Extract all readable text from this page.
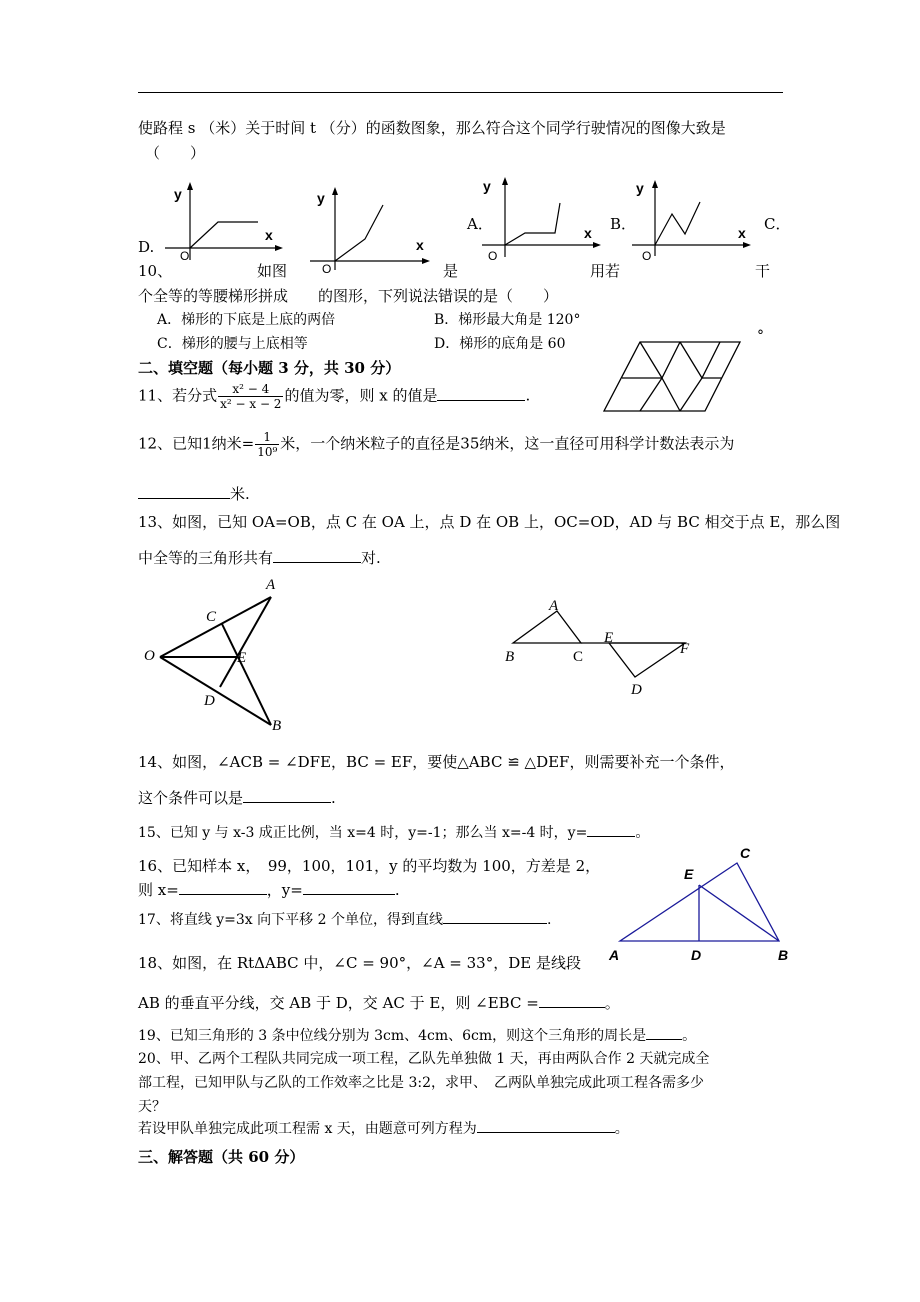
使路程 s （米）关于时间 t （分）的函数图象，那么符合这个同学行驶情况的图像大致是
（　　）
y
x
O
D.
y
x
O
A．
y
x
O
B．
y
x
O
C．
10、	如图	是	用若	干
个全等的等腰梯形拼成　　的图形，下列说法错误的是（　　）
A．梯形的下底是上底的两倍	B．梯形最大角是 120°
C．梯形的腰与上底相等	D．梯形的底角是 60	°
二、填空题（每小题 3 分，共 30 分）
11、若分式 $\frac{\text{x² − 4}}{\text{x² − x − 2}}$ 的值为零，则 x 的值是	.
12、已知1纳米= $\frac{1}{\text{10⁹}}$ 米，一个纳米粒子的直径是35纳米，这一直径可用科学计数法表示为
米.
13、如图，已知 OA=OB，点 C 在 OA 上，点 D 在 OB 上，OC=OD，AD 与 BC 相交于点 E，那么图
中全等的三角形共有	对.
A
C
O	E
D
B
A
B	C
E
F
D
14、如图，∠ACB = ∠DFE，BC = EF，要使△ABC ≌ △DEF，则需要补充一个条件，
这个条件可以是	.
15、已知 y 与 x-3 成正比例，当 x=4 时，y=-1；那么当 x=-4 时，y=	。
16、已知样本 x，　99，100，101，y 的平均数为 100，方差是 2，
则 x=	，y=	.
17、将直线 y=3x 向下平移 2 个单位，得到直线	.
C
E
A	D	B
18、如图，在 RtΔABC 中，∠C = 90°，∠A = 33°，DE 是线段
AB 的垂直平分线，交 AB 于 D，交 AC 于 E，则 ∠EBC =	。
19、已知三角形的 3 条中位线分别为 3cm、4cm、6cm，则这个三角形的周长是	。
20、甲、乙两个工程队共同完成一项工程，乙队先单独做 1 天，再由两队合作 2 天就完成全
部工程，已知甲队与乙队的工作效率之比是 3:2，求甲、　乙两队单独完成此项工程各需多少
天？
若设甲队单独完成此项工程需 x 天，由题意可列方程为	。
三、解答题（共 60 分）
